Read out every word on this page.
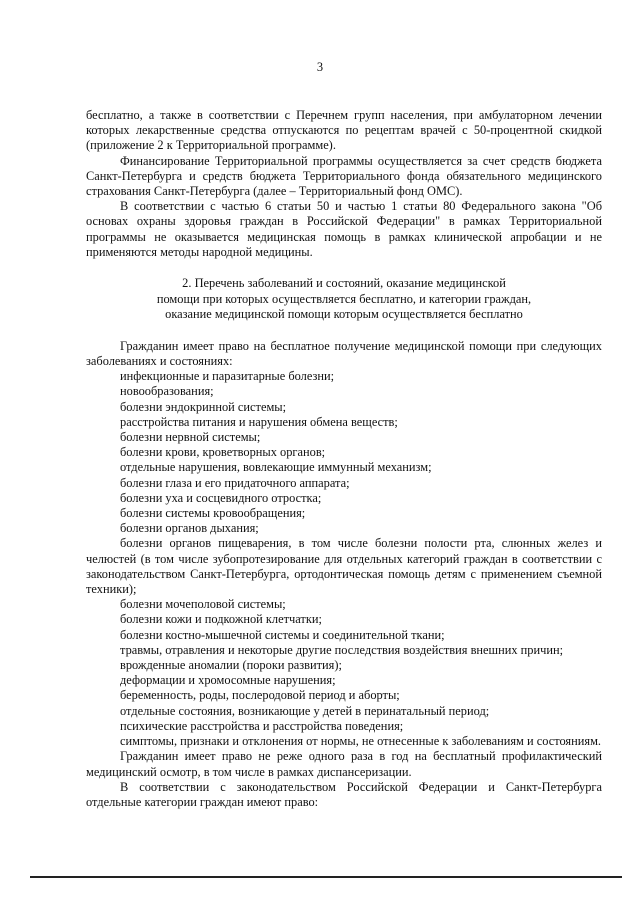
3

бесплатно, а также в соответствии с Перечнем групп населения, при амбулаторном лечении которых лекарственные средства отпускаются по рецептам врачей с 50-процентной скидкой (приложение 2 к Территориальной программе).

Финансирование Территориальной программы осуществляется за счет средств бюджета Санкт-Петербурга и средств бюджета Территориального фонда обязательного медицинского страхования Санкт-Петербурга (далее – Территориальный фонд ОМС).

В соответствии с частью 6 статьи 50 и частью 1 статьи 80 Федерального закона "Об основах охраны здоровья граждан в Российской Федерации" в рамках Территориальной программы не оказывается медицинская помощь в рамках клинической апробации и не применяются методы народной медицины.

2. Перечень заболеваний и состояний, оказание медицинской
помощи при которых осуществляется бесплатно, и категории граждан,
оказание медицинской помощи которым осуществляется бесплатно

Гражданин имеет право на бесплатное получение медицинской помощи при следующих заболеваниях и состояниях:

инфекционные и паразитарные болезни;
новообразования;
болезни эндокринной системы;
расстройства питания и нарушения обмена веществ;
болезни нервной системы;
болезни крови, кроветворных органов;
отдельные нарушения, вовлекающие иммунный механизм;
болезни глаза и его придаточного аппарата;
болезни уха и сосцевидного отростка;
болезни системы кровообращения;
болезни органов дыхания;
болезни органов пищеварения, в том числе болезни полости рта, слюнных желез и челюстей (в том числе зубопротезирование для отдельных категорий граждан в соответствии с законодательством Санкт-Петербурга, ортодонтическая помощь детям с применением съемной техники);
болезни мочеполовой системы;
болезни кожи и подкожной клетчатки;
болезни костно-мышечной системы и соединительной ткани;
травмы, отравления и некоторые другие последствия воздействия внешних причин;
врожденные аномалии (пороки развития);
деформации и хромосомные нарушения;
беременность, роды, послеродовой период и аборты;
отдельные состояния, возникающие у детей в перинатальный период;
психические расстройства и расстройства поведения;
симптомы, признаки и отклонения от нормы, не отнесенные к заболеваниям и состояниям.

Гражданин имеет право не реже одного раза в год на бесплатный профилактический медицинский осмотр, в том числе в рамках диспансеризации.

В соответствии с законодательством Российской Федерации и Санкт-Петербурга отдельные категории граждан имеют право:
